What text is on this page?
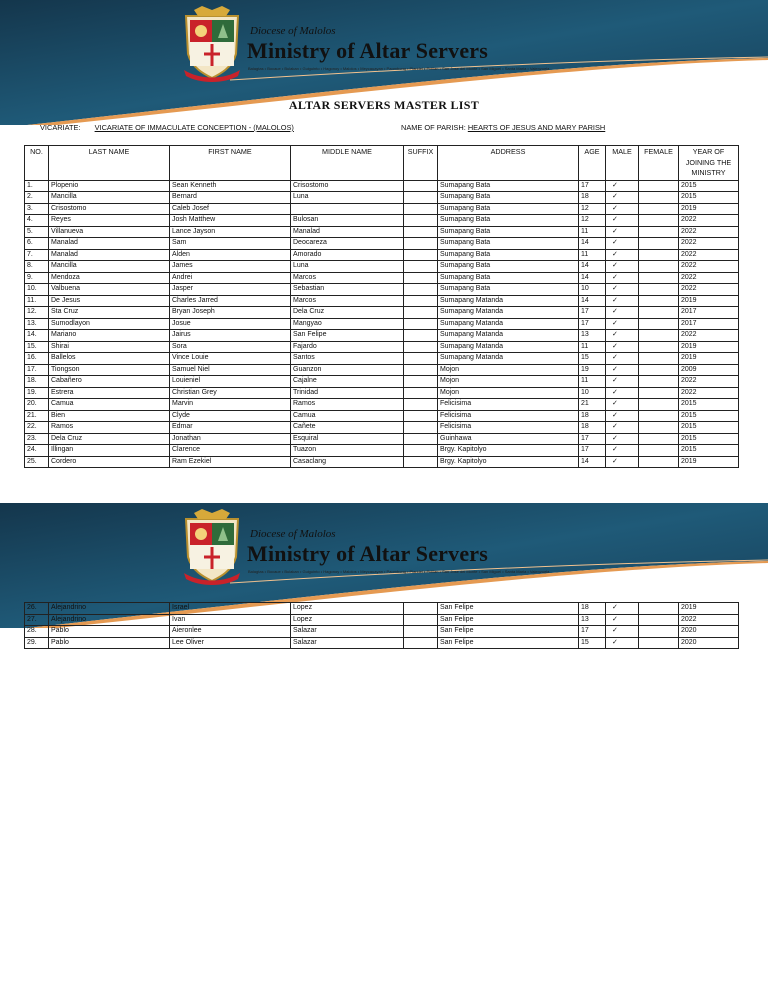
Diocese of Malolos
Ministry of Altar Servers
Balagtas • Bocaue • Bulakan • Guiguinto • Hagonoy • Malolos • Meycauayan • Paombong • Plaridel • Pulilan • San Jose del Monte • San Miguel • Santa Maria • Valenzuela
ALTAR SERVERS MASTER LIST
VICARIATE: VICARIATE OF IMMACULATE CONCEPTION - (MALOLOS)	NAME OF PARISH: HEARTS OF JESUS AND MARY PARISH
NO.	LAST NAME	FIRST NAME	MIDDLE NAME	SUFFIX	ADDRESS	AGE	MALE	FEMALE	YEAR OF JOINING THE MINISTRY
1.	Plopenio	Sean Kenneth	Crisostomo		Sumapang Bata	17	✓		2015
2.	Mancilla	Bernard	Luna		Sumapang Bata	18	✓		2015
3.	Crisostomo	Caleb Josef			Sumapang Bata	12	✓		2019
4.	Reyes	Josh Matthew	Bulosan		Sumapang Bata	12	✓		2022
5.	Villanueva	Lance Jayson	Manalad		Sumapang Bata	11	✓		2022
6.	Manalad	Sam	Deocareza		Sumapang Bata	14	✓		2022
7.	Manalad	Alden	Amorado		Sumapang Bata	11	✓		2022
8.	Mancilla	James	Luna		Sumapang Bata	14	✓		2022
9.	Mendoza	Andrei	Marcos		Sumapang Bata	14	✓		2022
10.	Valbuena	Jasper	Sebastian		Sumapang Bata	10	✓		2022
11.	De Jesus	Charles Jarred	Marcos		Sumapang Matanda	14	✓		2019
12.	Sta Cruz	Bryan Joseph	Dela Cruz		Sumapang Matanda	17	✓		2017
13.	Sumodlayon	Josue	Mangyao		Sumapang Matanda	17	✓		2017
14.	Mariano	Jairus	San Felipe		Sumapang Matanda	13	✓		2022
15.	Shirai	Sora	Fajardo		Sumapang Matanda	11	✓		2019
16.	Ballelos	Vince Louie	Santos		Sumapang Matanda	15	✓		2019
17.	Tiongson	Samuel Niel	Guanzon		Mojon	19	✓		2009
18.	Cabañero	Louieniel	Cajalne		Mojon	11	✓		2022
19.	Estrera	Christian Grey	Trinidad		Mojon	10	✓		2022
20.	Camua	Marvin	Ramos		Felicisima	21	✓		2015
21.	Bien	Clyde	Camua		Felicisima	18	✓		2015
22.	Ramos	Edmar	Cañete		Felicisima	18	✓		2015
23.	Dela Cruz	Jonathan	Esquiral		Guinhawa	17	✓		2015
24.	Illingan	Clarence	Tuazon		Brgy. Kapitolyo	17	✓		2015
25.	Cordero	Ram Ezekiel	Casaclang		Brgy. Kapitolyo	14	✓		2019
Diocese of Malolos
Ministry of Altar Servers
Balagtas • Bocaue • Bulakan • Guiguinto • Hagonoy • Malolos • Meycauayan • Paombong • Plaridel • Pulilan • San Jose del Monte • San Miguel • Santa Maria • Valenzuela
26.	Alejandrino	Israel	Lopez		San Felipe	18	✓		2019
27.	Alejandrino	Ivan	Lopez		San Felipe	13	✓		2022
28.	Pablo	Aieronlee	Salazar		San Felipe	17	✓		2020
29.	Pablo	Lee Oliver	Salazar		San Felipe	15	✓		2020
